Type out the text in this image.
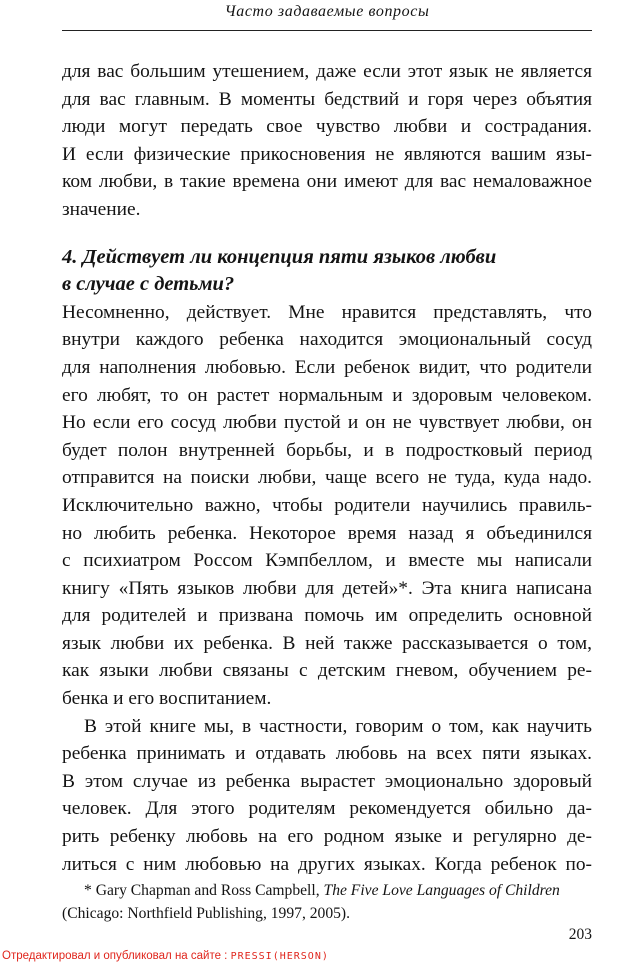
Часто задаваемые вопросы
для вас большим утешением, даже если этот язык не является
для вас главным. В моменты бедствий и горя через объятия
люди могут передать свое чувство любви и сострадания.
И если физические прикосновения не являются вашим язы-
ком любви, в такие времена они имеют для вас немаловажное
значение.
4. Действует ли концепция пяти языков любви
в случае с детьми?
Несомненно, действует. Мне нравится представлять, что
внутри каждого ребенка находится эмоциональный сосуд
для наполнения любовью. Если ребенок видит, что родители
его любят, то он растет нормальным и здоровым человеком.
Но если его сосуд любви пустой и он не чувствует любви, он
будет полон внутренней борьбы, и в подростковый период
отправится на поиски любви, чаще всего не туда, куда надо.
Исключительно важно, чтобы родители научились правиль-
но любить ребенка. Некоторое время назад я объединился
с психиатром Россом Кэмпбеллом, и вместе мы написали
книгу «Пять языков любви для детей»*. Эта книга написана
для родителей и призвана помочь им определить основной
язык любви их ребенка. В ней также рассказывается о том,
как языки любви связаны с детским гневом, обучением ре-
бенка и его воспитанием.
В этой книге мы, в частности, говорим о том, как научить
ребенка принимать и отдавать любовь на всех пяти языках.
В этом случае из ребенка вырастет эмоционально здоровый
человек. Для этого родителям рекомендуется обильно да-
рить ребенку любовь на его родном языке и регулярно де-
литься с ним любовью на других языках. Когда ребенок по-
* Gary Chapman and Ross Campbell, The Five Love Languages of Children
(Chicago: Northfield Publishing, 1997, 2005).
203
Отредактировал и опубликовал на сайте : PRESSI(HERSON)
